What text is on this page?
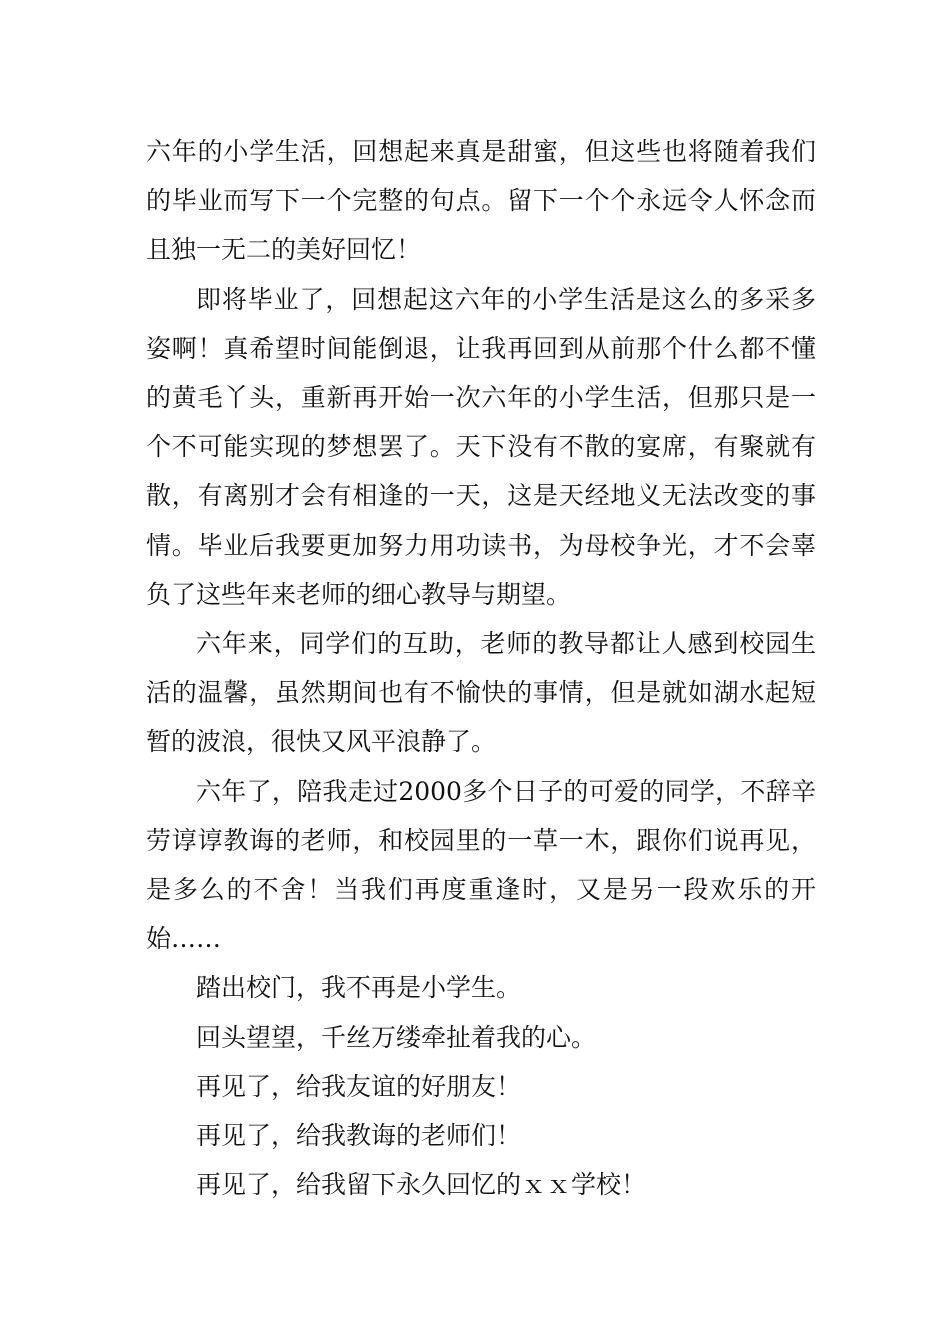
六年的小学生活，回想起来真是甜蜜，但这些也将随着我们的毕业而写下一个完整的句点。留下一个个永远令人怀念而且独一无二的美好回忆！

即将毕业了，回想起这六年的小学生活是这么的多采多姿啊！真希望时间能倒退，让我再回到从前那个什么都不懂的黄毛丫头，重新再开始一次六年的小学生活，但那只是一个不可能实现的梦想罢了。天下没有不散的宴席，有聚就有散，有离别才会有相逢的一天，这是天经地义无法改变的事情。毕业后我要更加努力用功读书，为母校争光，才不会辜负了这些年来老师的细心教导与期望。

六年来，同学们的互助，老师的教导都让人感到校园生活的温馨，虽然期间也有不愉快的事情，但是就如湖水起短暂的波浪，很快又风平浪静了。

六年了，陪我走过2000多个日子的可爱的同学，不辞辛劳谆谆教诲的老师，和校园里的一草一木，跟你们说再见，是多么的不舍！当我们再度重逢时，又是另一段欢乐的开始……

踏出校门，我不再是小学生。

回头望望，千丝万缕牵扯着我的心。

再见了，给我友谊的好朋友！

再见了，给我教诲的老师们！

再见了，给我留下永久回忆的ｘｘ学校！
